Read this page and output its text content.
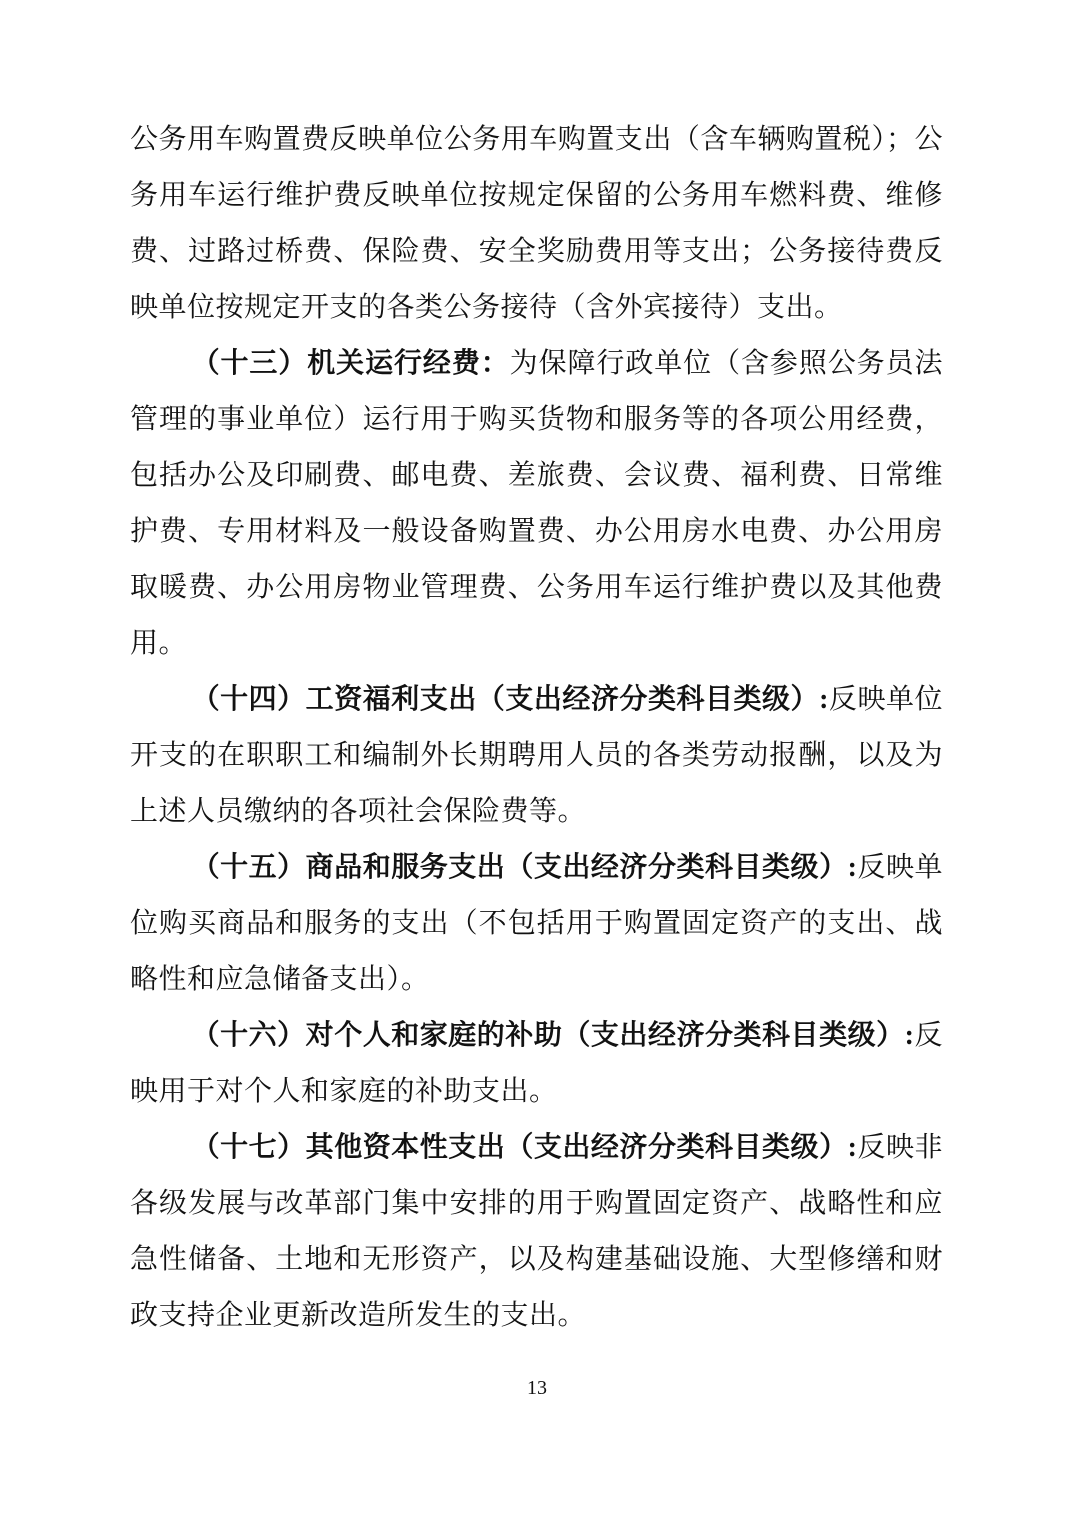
公务用车购置费反映单位公务用车购置支出（含车辆购置税）；公务用车运行维护费反映单位按规定保留的公务用车燃料费、维修费、过路过桥费、保险费、安全奖励费用等支出；公务接待费反映单位按规定开支的各类公务接待（含外宾接待）支出。

（十三）机关运行经费：为保障行政单位（含参照公务员法管理的事业单位）运行用于购买货物和服务等的各项公用经费，包括办公及印刷费、邮电费、差旅费、会议费、福利费、日常维护费、专用材料及一般设备购置费、办公用房水电费、办公用房取暖费、办公用房物业管理费、公务用车运行维护费以及其他费用。

（十四）工资福利支出（支出经济分类科目类级）:反映单位开支的在职职工和编制外长期聘用人员的各类劳动报酬，以及为上述人员缴纳的各项社会保险费等。

（十五）商品和服务支出（支出经济分类科目类级）:反映单位购买商品和服务的支出（不包括用于购置固定资产的支出、战略性和应急储备支出）。

（十六）对个人和家庭的补助（支出经济分类科目类级）:反映用于对个人和家庭的补助支出。

（十七）其他资本性支出（支出经济分类科目类级）:反映非各级发展与改革部门集中安排的用于购置固定资产、战略性和应急性储备、土地和无形资产，以及构建基础设施、大型修缮和财政支持企业更新改造所发生的支出。

13
